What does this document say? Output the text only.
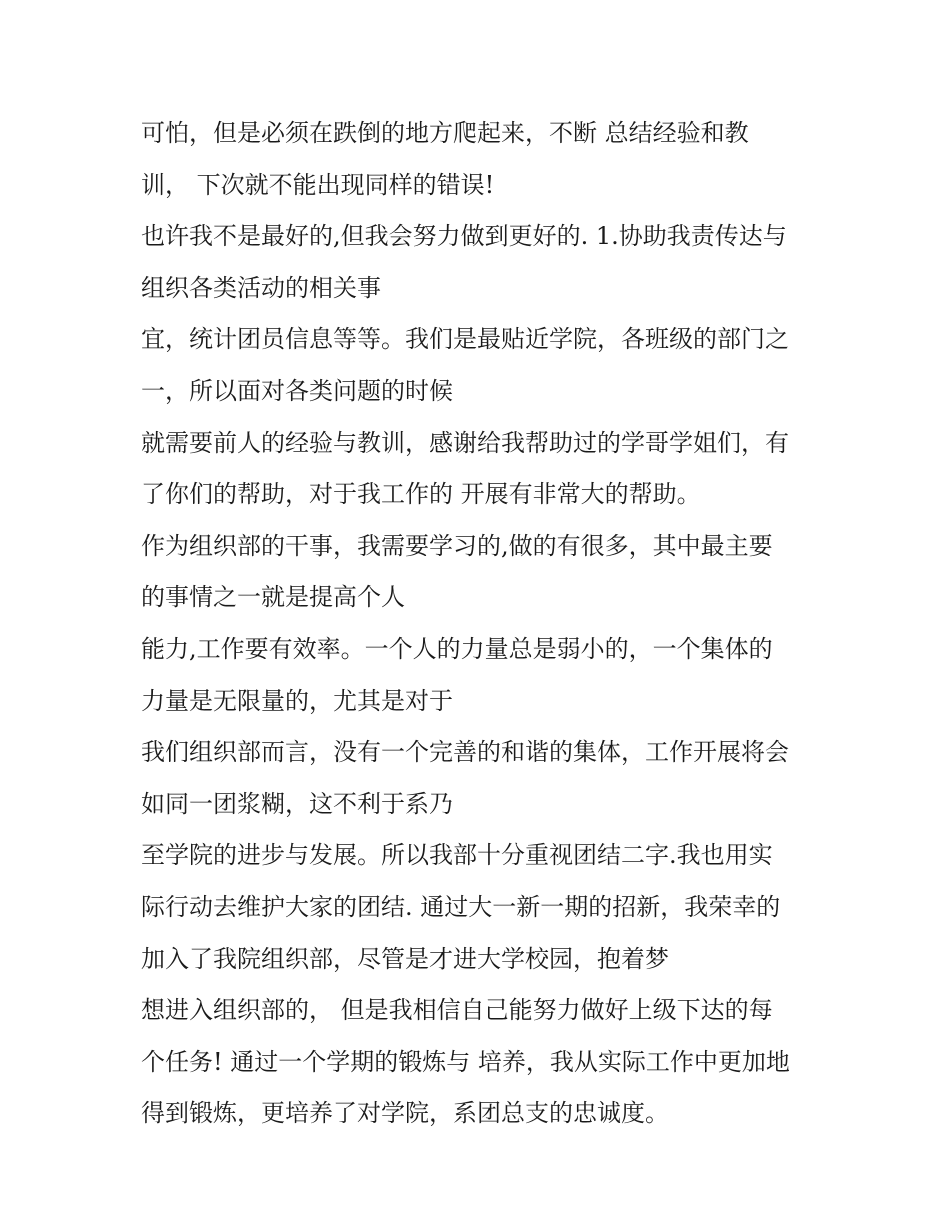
可怕，但是必须在跌倒的地方爬起来，不断 总结经验和教
训， 下次就不能出现同样的错误!
也许我不是最好的,但我会努力做到更好的. 1.协助我责传达与
组织各类活动的相关事
宜，统计团员信息等等。我们是最贴近学院，各班级的部门之
一，所以面对各类问题的时候
就需要前人的经验与教训，感谢给我帮助过的学哥学姐们，有
了你们的帮助，对于我工作的 开展有非常大的帮助。
作为组织部的干事，我需要学习的,做的有很多，其中最主要
的事情之一就是提高个人
能力,工作要有效率。一个人的力量总是弱小的，一个集体的
力量是无限量的，尤其是对于
我们组织部而言，没有一个完善的和谐的集体，工作开展将会
如同一团浆糊，这不利于系乃
至学院的进步与发展。所以我部十分重视团结二字.我也用实
际行动去维护大家的团结. 通过大一新一期的招新，我荣幸的
加入了我院组织部，尽管是才进大学校园，抱着梦
想进入组织部的， 但是我相信自己能努力做好上级下达的每
个任务! 通过一个学期的锻炼与 培养，我从实际工作中更加地
得到锻炼，更培养了对学院，系团总支的忠诚度。
